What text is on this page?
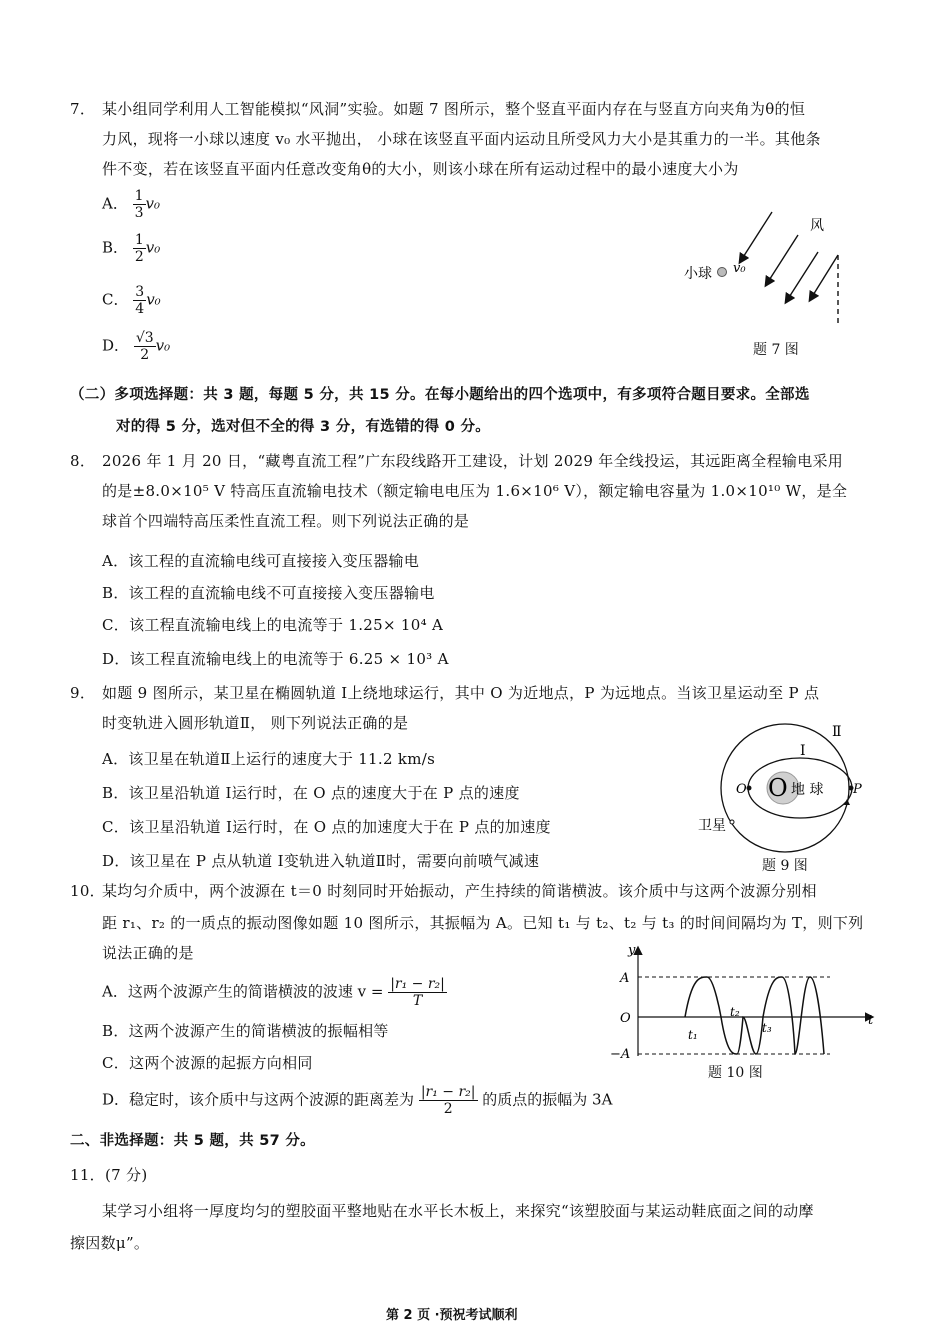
7． 某小组同学利用人工智能模拟“风洞”实验。如题 7 图所示，整个竖直平面内存在与竖直方向夹角为θ的恒
力风，现将一小球以速度 v₀ 水平抛出， 小球在该竖直平面内运动且所受风力大小是其重力的一半。其他条
件不变，若在该竖直平面内任意改变角θ的大小，则该小球在所有运动过程中的最小速度大小为
A． $\frac{1}{3} v_0$
B． $\frac{1}{2} v_0$
C． $\frac{3}{4} v_0$
D． $\frac{√3}{2} v_0$
风
小球 v₀
题 7 图
（二）多项选择题：共 3 题，每题 5 分，共 15 分。在每小题给出的四个选项中，有多项符合题目要求。全部选
对的得 5 分，选对但不全的得 3 分，有选错的得 0 分。
8． 2026 年 1 月 20 日，“藏粤直流工程”广东段线路开工建设，计划 2029 年全线投运，其远距离全程输电采用
的是±8.0×10⁵ V 特高压直流输电技术（额定输电电压为 1.6×10⁶ V），额定输电容量为 1.0×10¹⁰ W，是全
球首个四端特高压柔性直流工程。则下列说法正确的是
A．该工程的直流输电线可直接接入变压器输电
B．该工程的直流输电线不可直接接入变压器输电
C．该工程直流输电线上的电流等于 1.25× 10⁴ A
D．该工程直流输电线上的电流等于 6.25 × 10³ A
9． 如题 9 图所示，某卫星在椭圆轨道 Ⅰ上绕地球运行，其中 O 为近地点，P 为远地点。当该卫星运动至 P 点
时变轨进入圆形轨道Ⅱ， 则下列说法正确的是
A．该卫星在轨道Ⅱ上运行的速度大于 11.2 km/s
B．该卫星沿轨道 Ⅰ运行时，在 O 点的速度大于在 P 点的速度
C．该卫星沿轨道 Ⅰ运行时，在 O 点的加速度大于在 P 点的加速度
D．该卫星在 P 点从轨道 Ⅰ变轨进入轨道Ⅱ时，需要向前喷气减速
Ⅱ
Ⅰ
O O 地 球 P
卫星
题 9 图
10．
某均匀介质中，两个波源在 t＝0 时刻同时开始振动，产生持续的简谐横波。该介质中与这两个波源分别相
距 r₁、r₂ 的一质点的振动图像如题 10 图所示，其振幅为 A。已知 t₁ 与 t₂、t₂ 与 t₃ 的时间间隔均为 T，则下列
说法正确的是
A．这两个波源产生的简谐横波的波速 $v = \frac{\text{|r₁ − r₂|}}{T}$
B．这两个波源产生的简谐横波的振幅相等
C．这两个波源的起振方向相同
D．稳定时，该介质中与这两个波源的距离差为 $\frac{\text{|r₁ − r₂|}}{2}$ 的质点的振幅为 3A
y
A
O
−A
t
t₁
t₂
t₃
题 10 图
二、非选择题：共 5 题，共 57 分。
11．(7 分)
某学习小组将一厚度均匀的塑胶面平整地贴在水平长木板上，来探究“该塑胶面与某运动鞋底面之间的动摩
擦因数μ”。
第 2 页 ·预祝考试顺利
